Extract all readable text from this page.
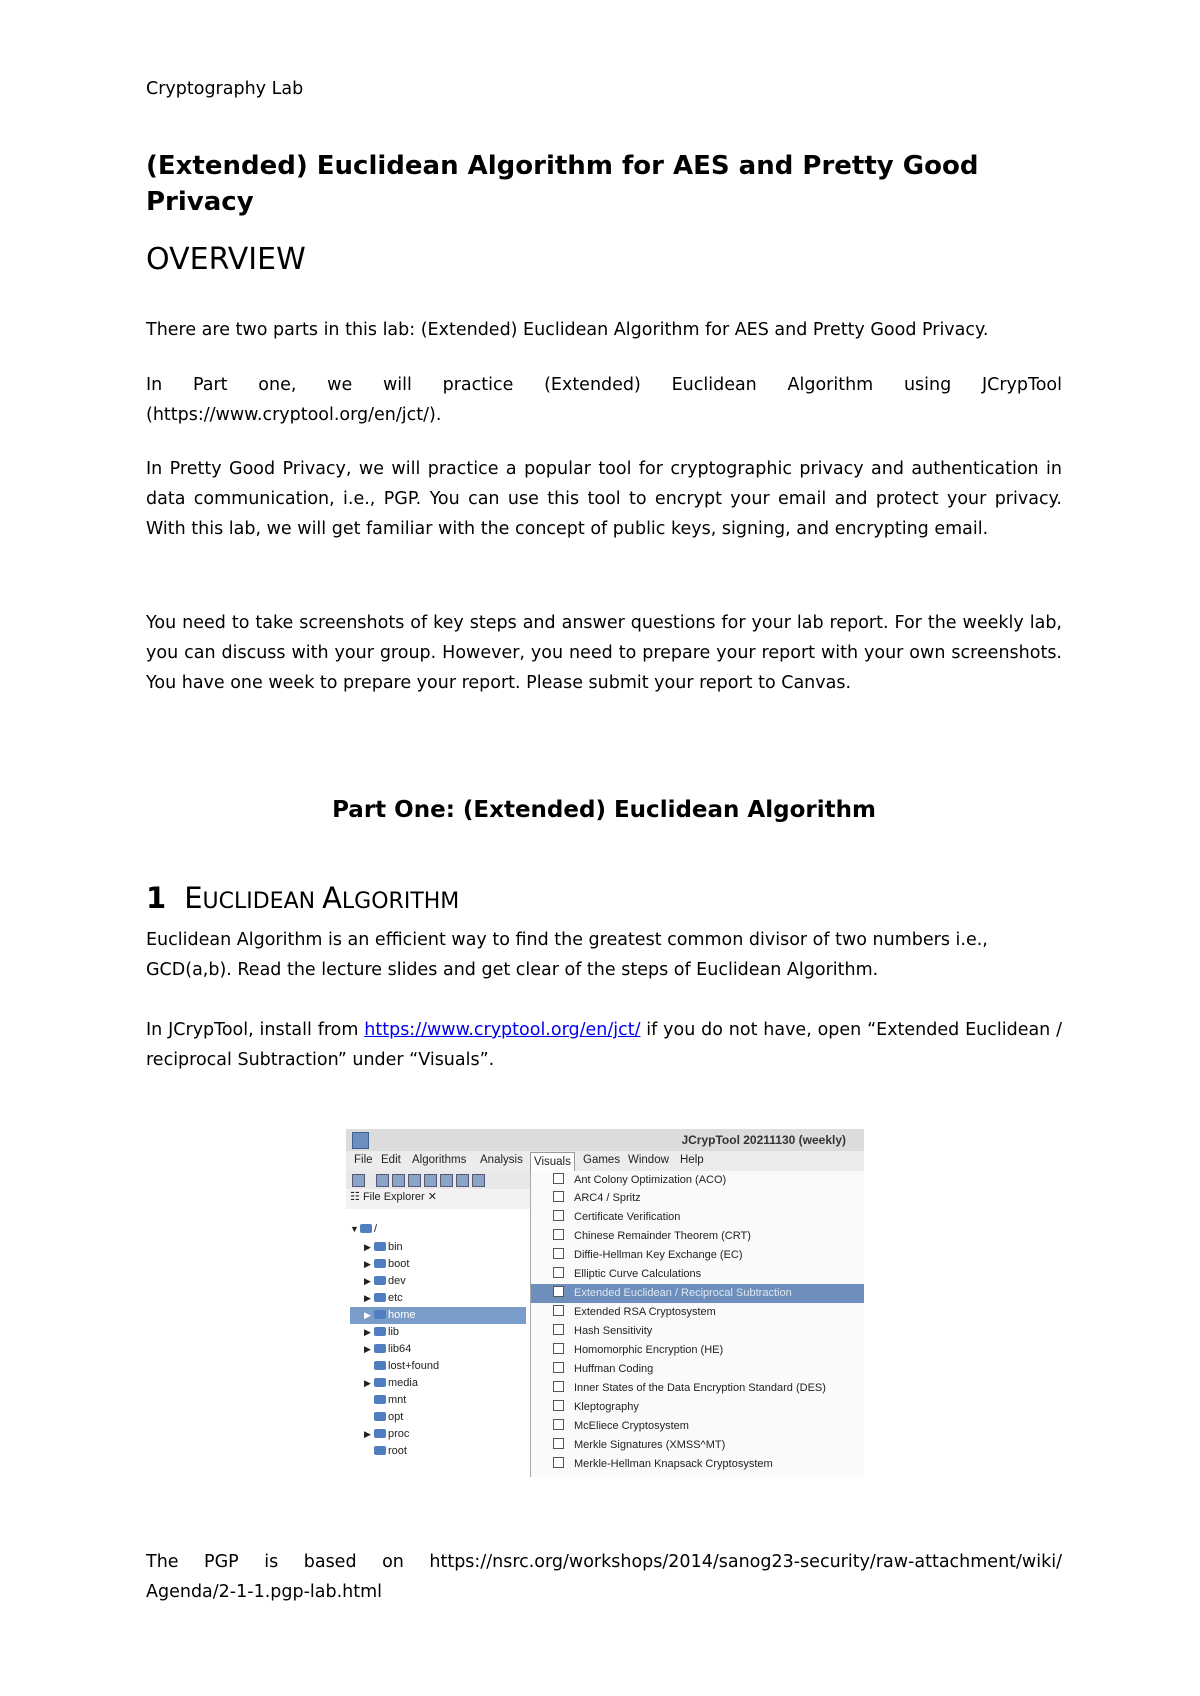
Cryptography Lab
(Extended) Euclidean Algorithm for AES and Pretty Good Privacy
OVERVIEW
There are two parts in this lab: (Extended) Euclidean Algorithm for AES and Pretty Good Privacy.
In Part one, we will practice (Extended) Euclidean Algorithm using JCrypTool (https://www.cryptool.org/en/jct/).
In Pretty Good Privacy, we will practice a popular tool for cryptographic privacy and authentication in data communication, i.e., PGP. You can use this tool to encrypt your email and protect your privacy. With this lab, we will get familiar with the concept of public keys, signing, and encrypting email.
You need to take screenshots of key steps and answer questions for your lab report. For the weekly lab, you can discuss with your group. However, you need to prepare your report with your own screenshots. You have one week to prepare your report. Please submit your report to Canvas.
Part One: (Extended) Euclidean Algorithm
1 EUCLIDEAN ALGORITHM
Euclidean Algorithm is an efficient way to find the greatest common divisor of two numbers i.e., GCD(a,b). Read the lecture slides and get clear of the steps of Euclidean Algorithm.
In JCrypTool, install from https://www.cryptool.org/en/jct/ if you do not have, open “Extended Euclidean / reciprocal Subtraction” under “Visuals”.
JCrypTool 20211130 (weekly)
File Edit Algorithms Analysis Visuals	Games Window Help
☷ File Explorer ✕
▼ /
▶ bin
▶ boot
▶ dev
▶ etc
▶ home
▶ lib
▶ lib64
lost+found
▶ media
mnt
opt
▶ proc
root
Ant Colony Optimization (ACO)
ARC4 / Spritz
Certificate Verification
Chinese Remainder Theorem (CRT)
Diffie-Hellman Key Exchange (EC)
Elliptic Curve Calculations
Extended Euclidean / Reciprocal Subtraction
Extended RSA Cryptosystem
Hash Sensitivity
Homomorphic Encryption (HE)
Huffman Coding
Inner States of the Data Encryption Standard (DES)
Kleptography
McEliece Cryptosystem
Merkle Signatures (XMSS^MT)
Merkle-Hellman Knapsack Cryptosystem
The PGP is based on https://nsrc.org/workshops/2014/sanog23-security/raw-attachment/wiki/
Agenda/2-1-1.pgp-lab.html
